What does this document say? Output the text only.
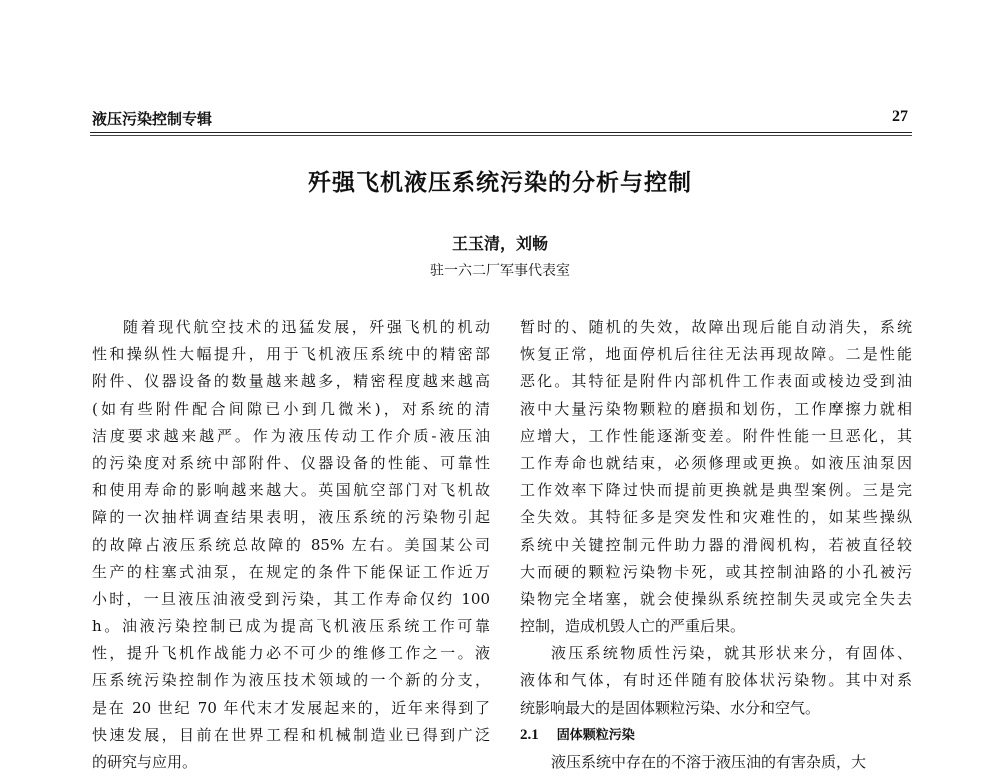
液压污染控制专辑	27
歼强飞机液压系统污染的分析与控制
王玉清，刘畅
驻一六二厂军事代表室
随着现代航空技术的迅猛发展，歼强飞机的机动
性和操纵性大幅提升，用于飞机液压系统中的精密部
附件、仪器设备的数量越来越多，精密程度越来越高
(如有些附件配合间隙已小到几微米)，对系统的清
洁度要求越来越严。作为液压传动工作介质-液压油
的污染度对系统中部附件、仪器设备的性能、可靠性
和使用寿命的影响越来越大。英国航空部门对飞机故
障的一次抽样调查结果表明，液压系统的污染物引起
的故障占液压系统总故障的 85% 左右。美国某公司
生产的柱塞式油泵，在规定的条件下能保证工作近万
小时，一旦液压油液受到污染，其工作寿命仅约 100
h。油液污染控制已成为提高飞机液压系统工作可靠
性，提升飞机作战能力必不可少的维修工作之一。液
压系统污染控制作为液压技术领域的一个新的分支，
是在 20 世纪 70 年代末才发展起来的，近年来得到了
快速发展，目前在世界工程和机械制造业已得到广泛
的研究与应用。
暂时的、随机的失效，故障出现后能自动消失，系统
恢复正常，地面停机后往往无法再现故障。二是性能
恶化。其特征是附件内部机件工作表面或棱边受到油
液中大量污染物颗粒的磨损和划伤，工作摩擦力就相
应增大，工作性能逐渐变差。附件性能一旦恶化，其
工作寿命也就结束，必须修理或更换。如液压油泵因
工作效率下降过快而提前更换就是典型案例。三是完
全失效。其特征多是突发性和灾难性的，如某些操纵
系统中关键控制元件助力器的滑阀机构，若被直径较
大而硬的颗粒污染物卡死，或其控制油路的小孔被污
染物完全堵塞，就会使操纵系统控制失灵或完全失去
控制，造成机毁人亡的严重后果。
液压系统物质性污染，就其形状来分，有固体、
液体和气体，有时还伴随有胶体状污染物。其中对系
统影响最大的是固体颗粒污染、水分和空气。
2.1 固体颗粒污染
液压系统中存在的不溶于液压油的有害杂质，大
